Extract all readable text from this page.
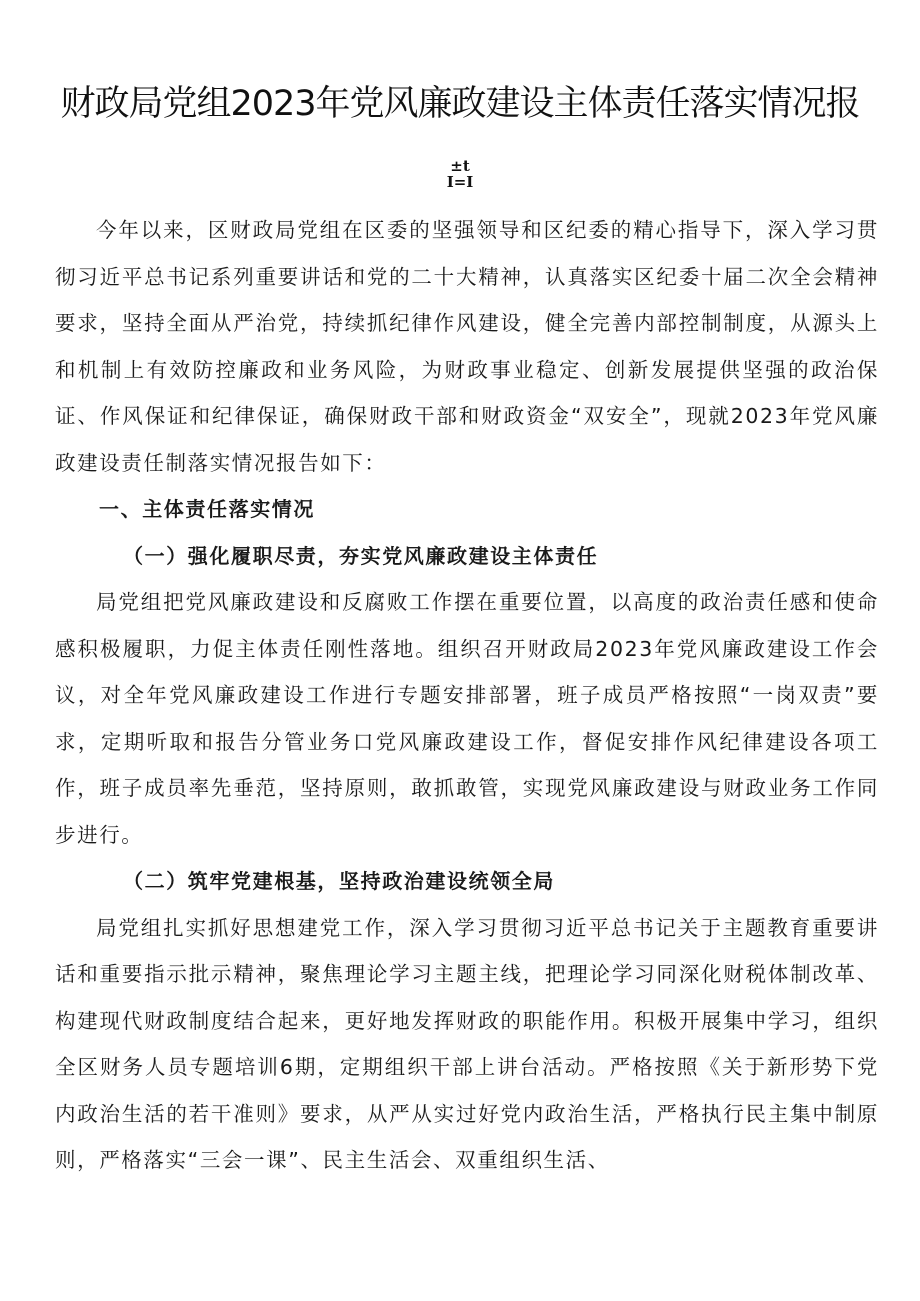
财政局党组2023年党风廉政建设主体责任落实情况报
±t
I=I

今年以来，区财政局党组在区委的坚强领导和区纪委的精心指导下，深入学习贯彻习近平总书记系列重要讲话和党的二十大精神，认真落实区纪委十届二次全会精神要求，坚持全面从严治党，持续抓纪律作风建设，健全完善内部控制制度，从源头上和机制上有效防控廉政和业务风险，为财政事业稳定、创新发展提供坚强的政治保证、作风保证和纪律保证，确保财政干部和财政资金“双安全”，现就2023年党风廉政建设责任制落实情况报告如下：

一、主体责任落实情况

（一）强化履职尽责，夯实党风廉政建设主体责任

局党组把党风廉政建设和反腐败工作摆在重要位置，以高度的政治责任感和使命感积极履职，力促主体责任刚性落地。组织召开财政局2023年党风廉政建设工作会议，对全年党风廉政建设工作进行专题安排部署，班子成员严格按照“一岗双责”要求，定期听取和报告分管业务口党风廉政建设工作，督促安排作风纪律建设各项工作，班子成员率先垂范，坚持原则，敢抓敢管，实现党风廉政建设与财政业务工作同步进行。

（二）筑牢党建根基，坚持政治建设统领全局

局党组扎实抓好思想建党工作，深入学习贯彻习近平总书记关于主题教育重要讲话和重要指示批示精神，聚焦理论学习主题主线，把理论学习同深化财税体制改革、构建现代财政制度结合起来，更好地发挥财政的职能作用。积极开展集中学习，组织全区财务人员专题培训6期，定期组织干部上讲台活动。严格按照《关于新形势下党内政治生活的若干准则》要求，从严从实过好党内政治生活，严格执行民主集中制原则，严格落实“三会一课”、民主生活会、双重组织生活、
